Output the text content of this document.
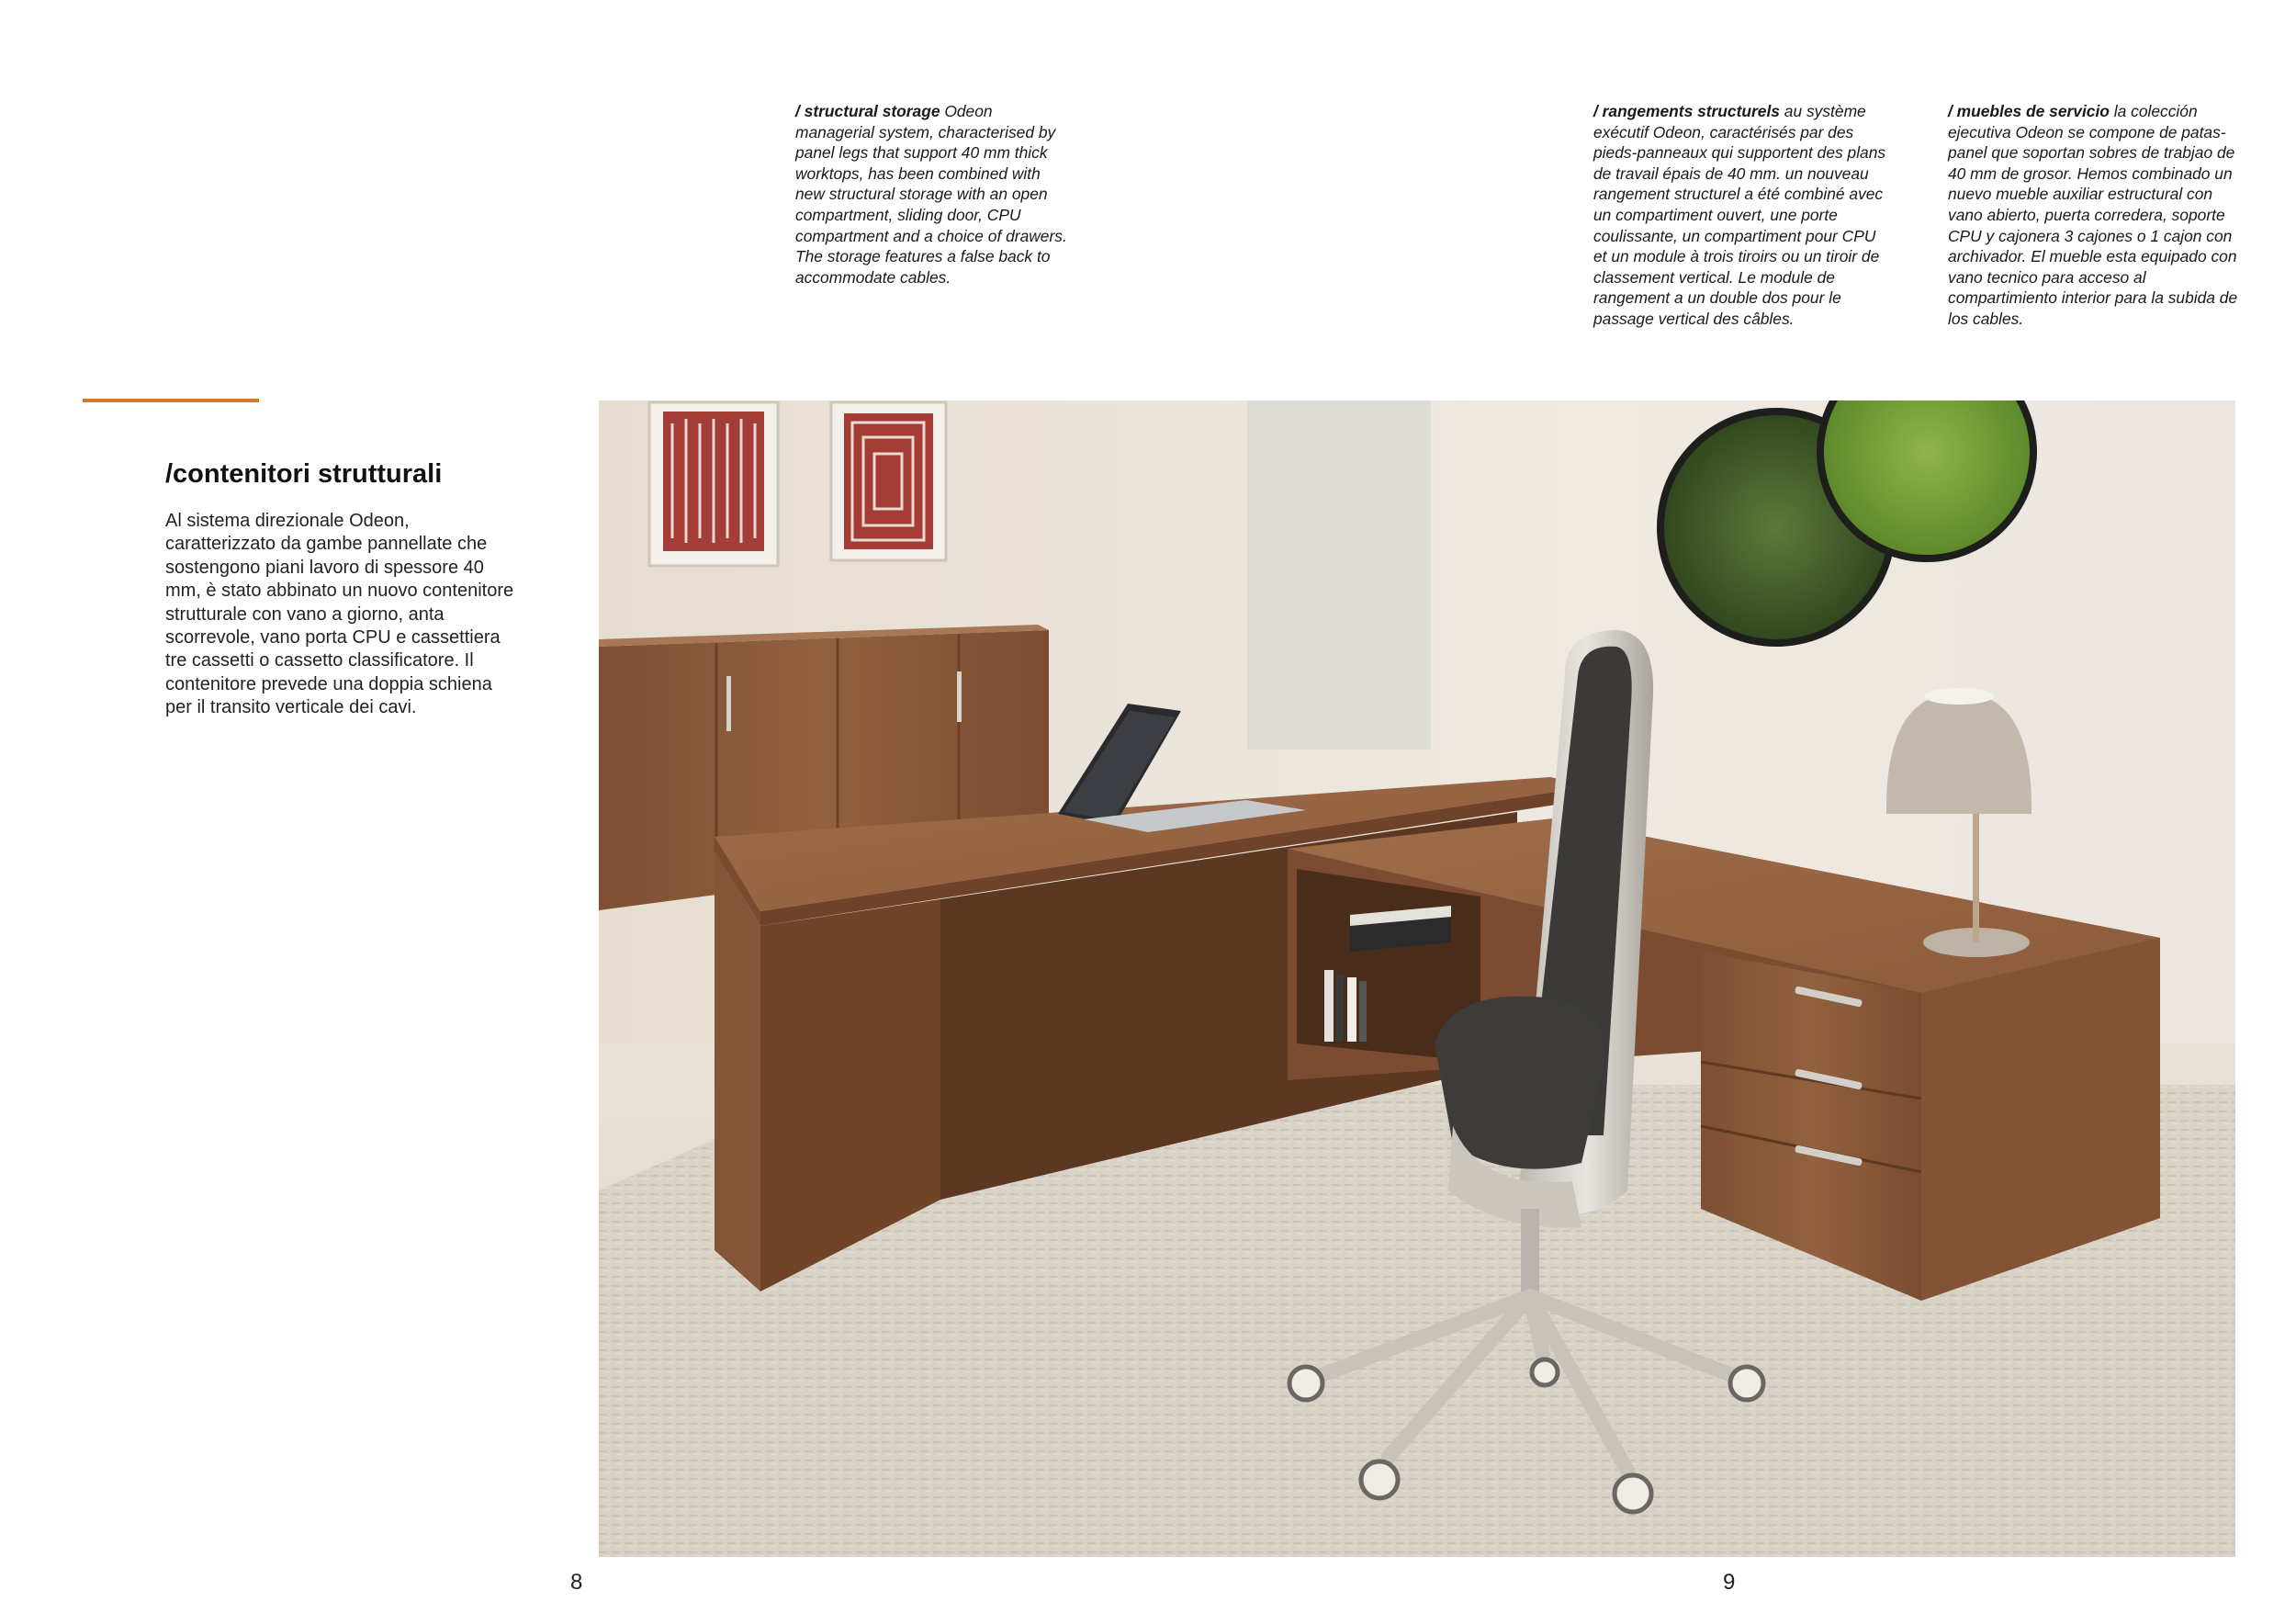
/ structural storage Odeon managerial system, characterised by panel legs that support 40 mm thick worktops, has been combined with new structural storage with an open compartment, sliding door, CPU compartment and a choice of drawers. The storage features a false back to accommodate cables.

/ rangements structurels au système exécutif Odeon, caractérisés par des pieds-panneaux qui supportent des plans de travail épais de 40 mm. un nouveau rangement structurel a été combiné avec un compartiment ouvert, une porte coulissante, un compartiment pour CPU et un module à trois tiroirs ou un tiroir de classement vertical. Le module de rangement a un double dos pour le passage vertical des câbles.

/ muebles de servicio la colección ejecutiva Odeon se compone de patas-panel que soportan sobres de trabjao de 40 mm de grosor. Hemos combinado un nuevo mueble auxiliar estructural con vano abierto, puerta corredera, soporte CPU y cajonera 3 cajones o 1 cajon con archivador. El mueble esta equipado con vano tecnico para acceso al compartimiento interior para la subida de los cables.

/contenitori strutturali

Al sistema direzionale Odeon, caratterizzato da gambe pannellate che sostengono piani lavoro di spessore 40 mm, è stato abbinato un nuovo contenitore strutturale con vano a giorno, anta scorrevole, vano porta CPU e cassettiera tre cassetti o cassetto classificatore. Il contenitore prevede una doppia schiena per il transito verticale dei cavi.

8	9
